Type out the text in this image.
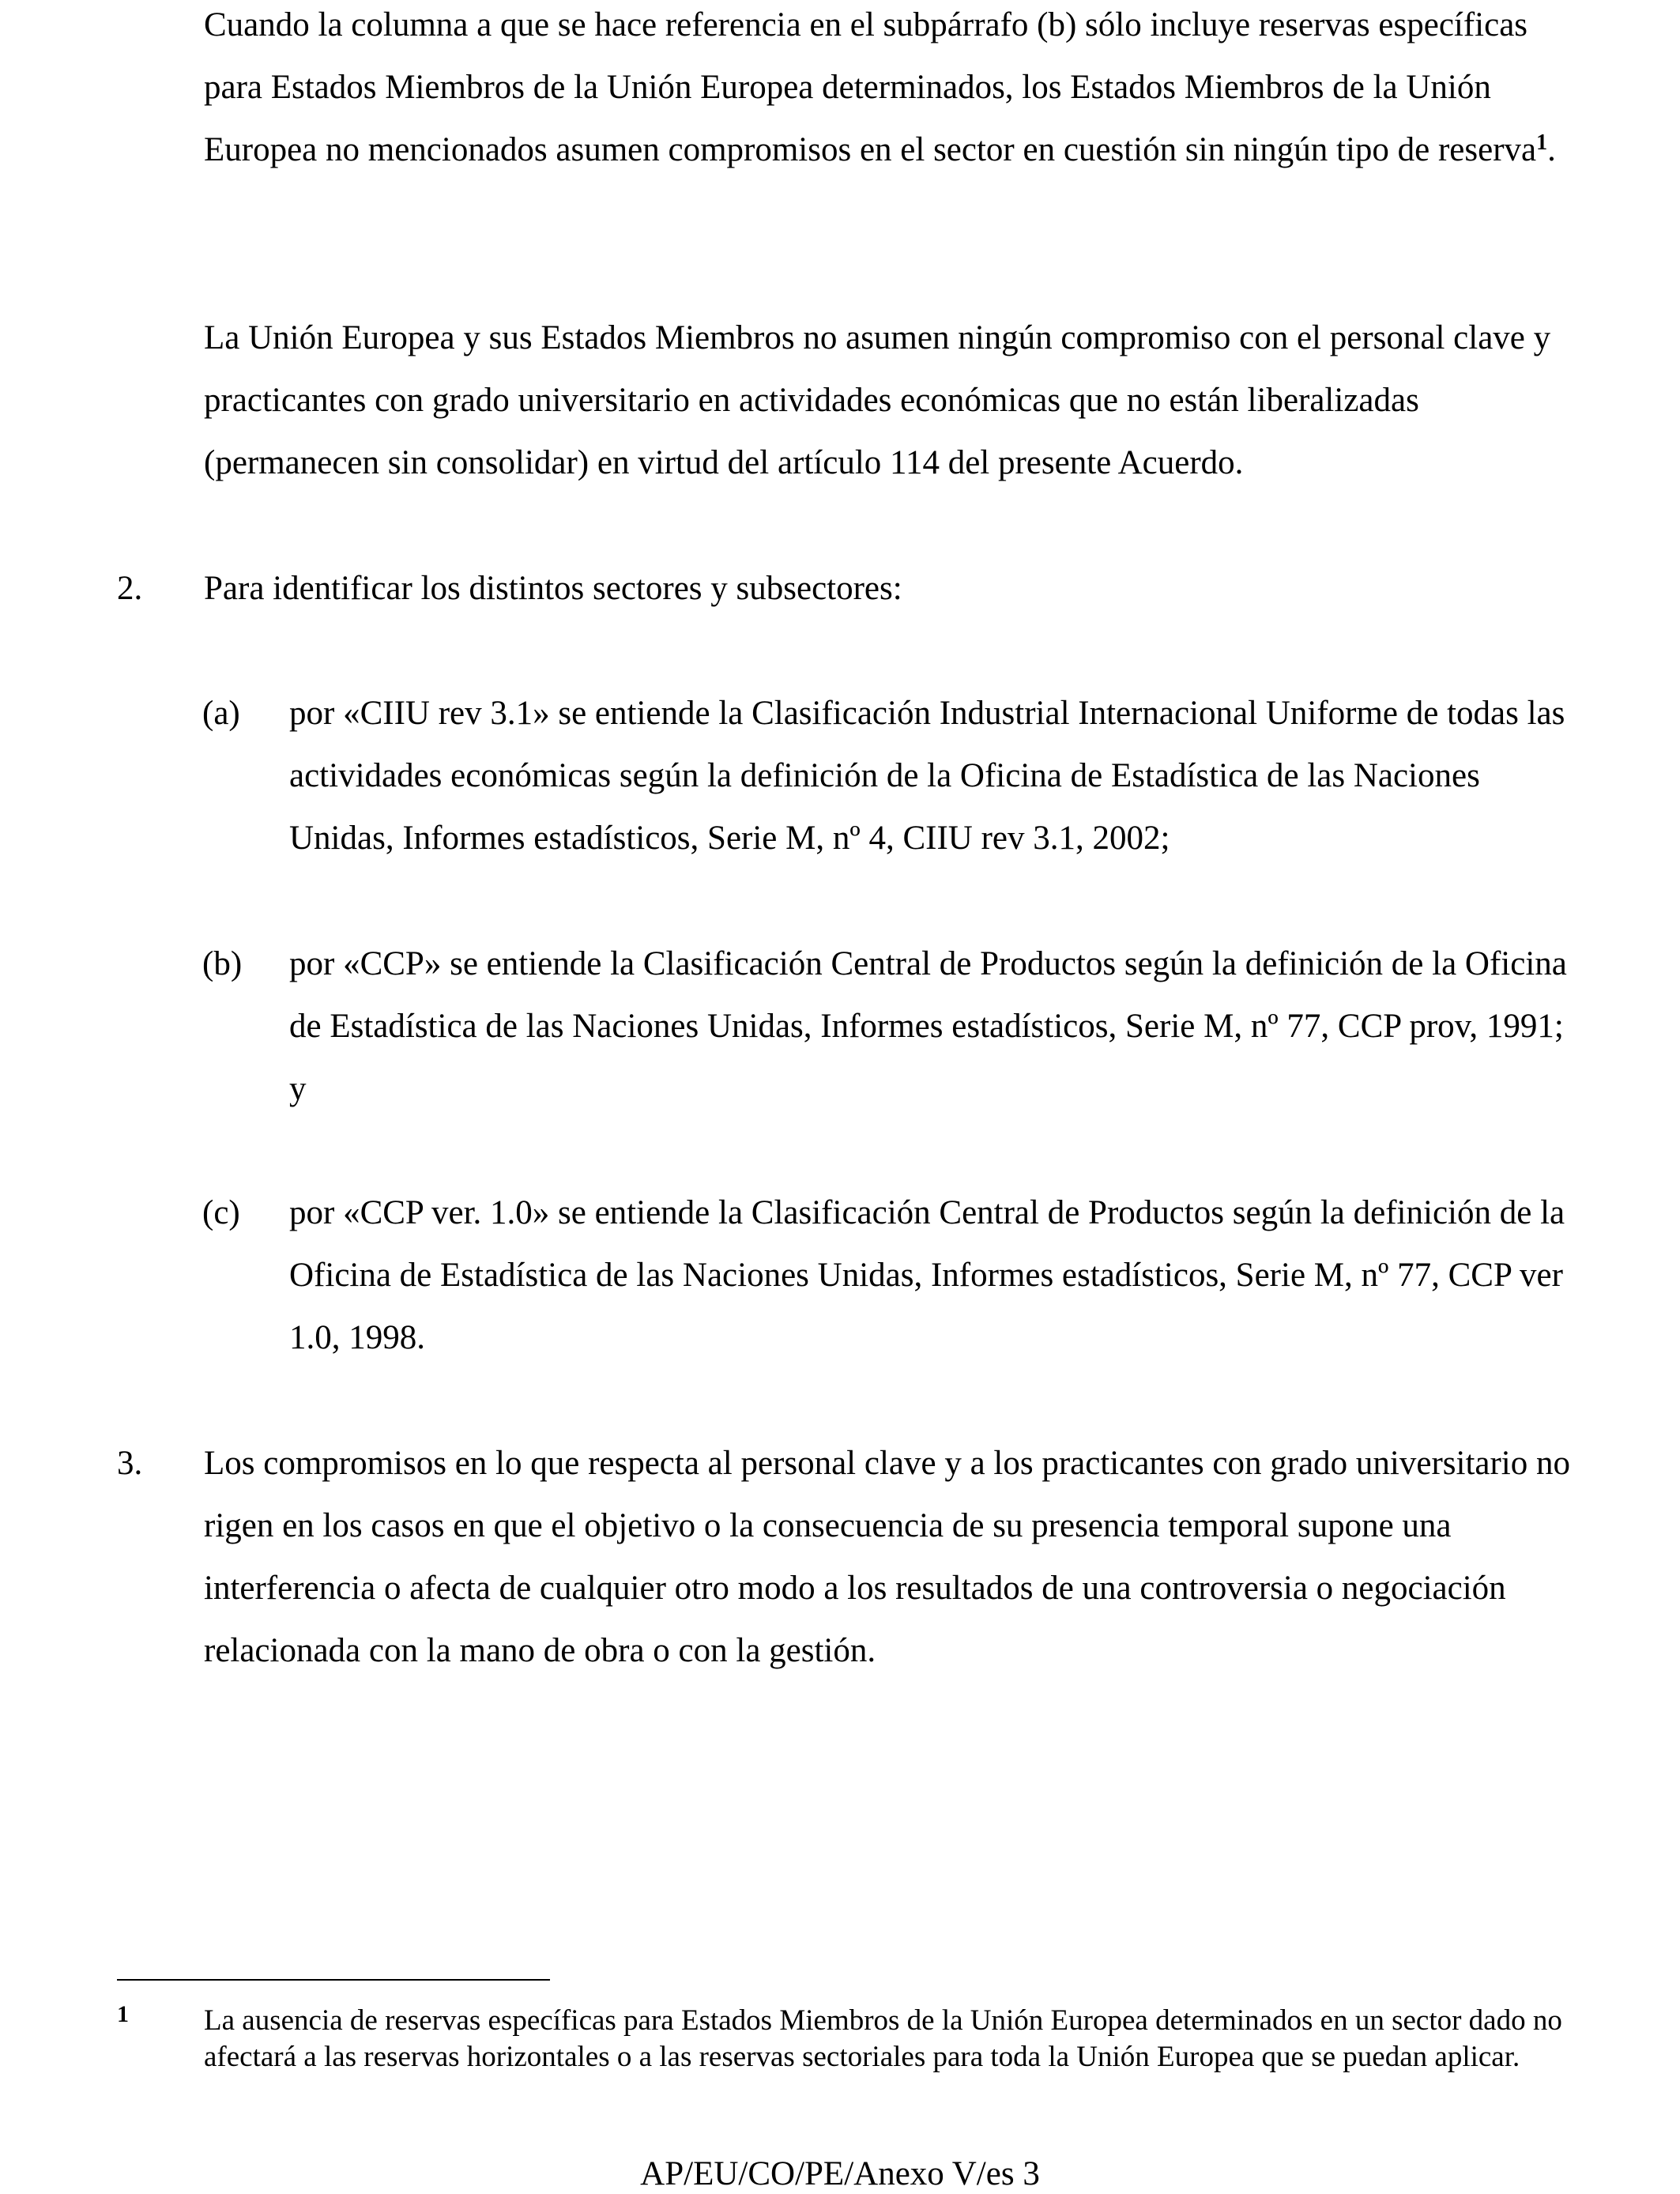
Cuando la columna a que se hace referencia en el subpárrafo (b) sólo incluye reservas específicas para Estados Miembros de la Unión Europea determinados, los Estados Miembros de la Unión Europea no mencionados asumen compromisos en el sector en cuestión sin ningún tipo de reserva$^1$.

La Unión Europea y sus Estados Miembros no asumen ningún compromiso con el personal clave y practicantes con grado universitario en actividades económicas que no están liberalizadas (permanecen sin consolidar) en virtud del artículo 114 del presente Acuerdo.

2. Para identificar los distintos sectores y subsectores:

(a) por «CIIU rev 3.1» se entiende la Clasificación Industrial Internacional Uniforme de todas las actividades económicas según la definición de la Oficina de Estadística de las Naciones Unidas, Informes estadísticos, Serie M, nº 4, CIIU rev 3.1, 2002;

(b) por «CCP» se entiende la Clasificación Central de Productos según la definición de la Oficina de Estadística de las Naciones Unidas, Informes estadísticos, Serie M, nº 77, CCP prov, 1991; y

(c) por «CCP ver. 1.0» se entiende la Clasificación Central de Productos según la definición de la Oficina de Estadística de las Naciones Unidas, Informes estadísticos, Serie M, nº 77, CCP ver 1.0, 1998.

3. Los compromisos en lo que respecta al personal clave y a los practicantes con grado universitario no rigen en los casos en que el objetivo o la consecuencia de su presencia temporal supone una interferencia o afecta de cualquier otro modo a los resultados de una controversia o negociación relacionada con la mano de obra o con la gestión.

1	La ausencia de reservas específicas para Estados Miembros de la Unión Europea determinados en un sector dado no afectará a las reservas horizontales o a las reservas sectoriales para toda la Unión Europea que se puedan aplicar.

AP/EU/CO/PE/Anexo V/es 3
